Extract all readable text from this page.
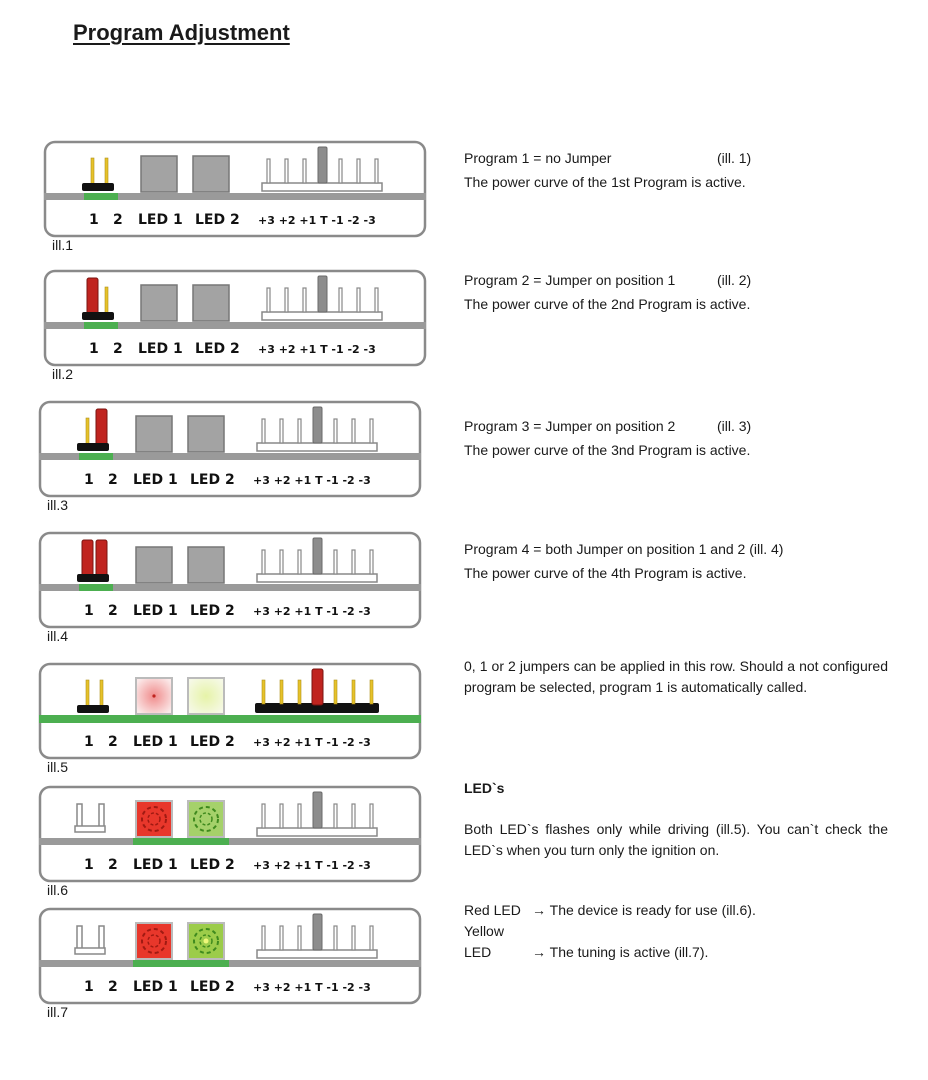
Program Adjustment
1 2 LED 1 LED 2 +3 +2 +1 T -1 -2 -3
ill.1
1 2 LED 1 LED 2 +3 +2 +1 T -1 -2 -3
ill.2
1 2 LED 1 LED 2 +3 +2 +1 T -1 -2 -3
ill.3
1 2 LED 1 LED 2 +3 +2 +1 T -1 -2 -3
ill.4
1 2 LED 1 LED 2 +3 +2 +1 T -1 -2 -3
ill.5
1 2 LED 1 LED 2 +3 +2 +1 T -1 -2 -3
ill.6
1 2 LED 1 LED 2 +3 +2 +1 T -1 -2 -3
ill.7
Program 1 = no Jumper	(ill. 1)
The power curve of the 1st Program is active.
Program 2 = Jumper on position 1	(ill. 2)
The power curve of the 2nd Program is active.
Program 3 = Jumper on position 2	(ill. 3)
The power curve of the 3nd Program is active.
Program 4 = both Jumper on position 1 and 2 (ill. 4)
The power curve of the 4th Program is active.
0, 1 or 2 jumpers can be applied in this row. Should a not configured program be selected, program 1 is automatically called.
LED`s
Both LED`s flashes only while driving (ill.5). You can`t check the LED`s when you turn only the ignition on.
Red LED → The device is ready for use (ill.6).
Yellow LED	→ The tuning is active (ill.7).
